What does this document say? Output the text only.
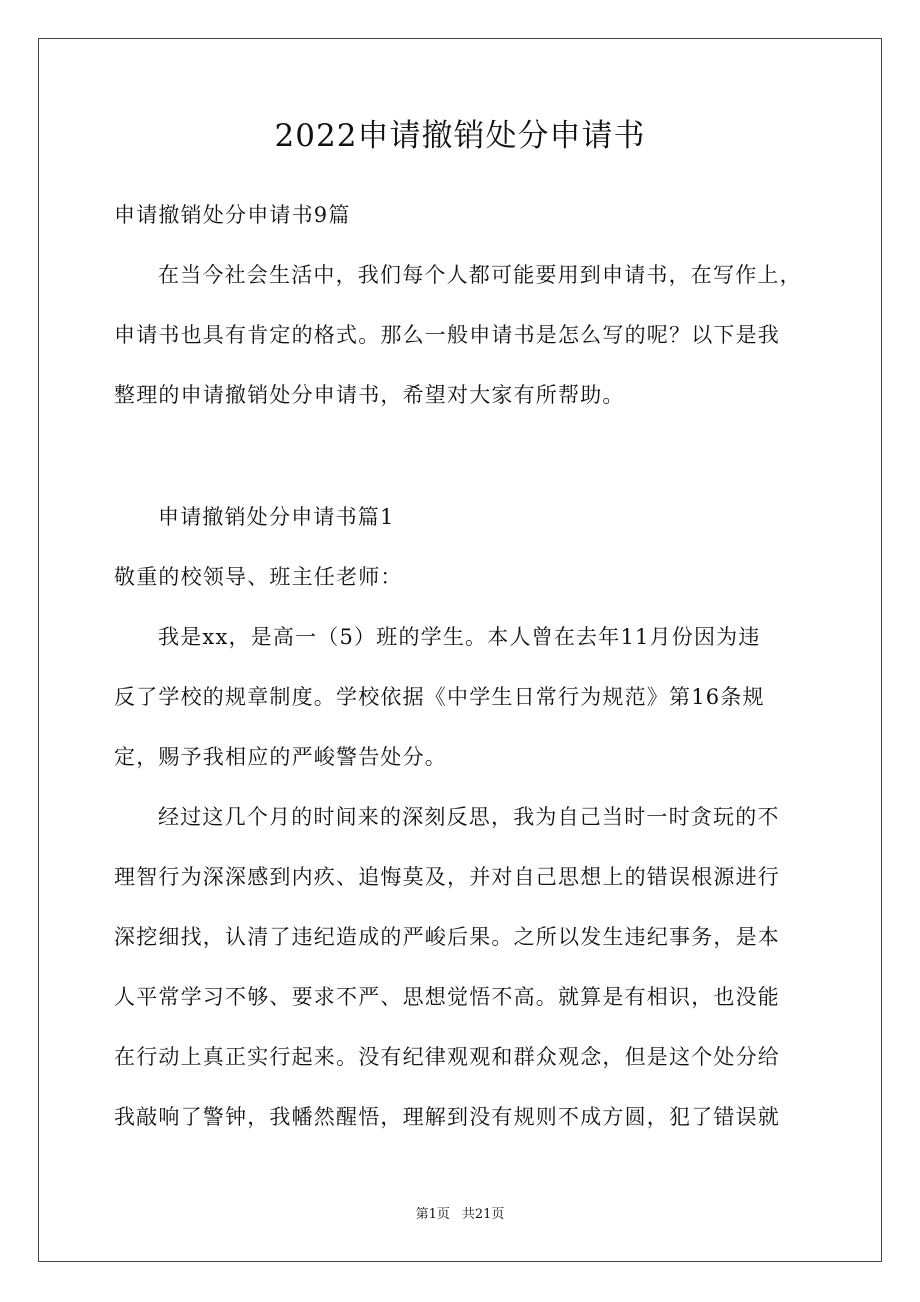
2022申请撤销处分申请书
申请撤销处分申请书9篇
在当今社会生活中，我们每个人都可能要用到申请书，在写作上，
申请书也具有肯定的格式。那么一般申请书是怎么写的呢？以下是我
整理的申请撤销处分申请书，希望对大家有所帮助。
申请撤销处分申请书篇1
敬重的校领导、班主任老师：
我是xx，是高一（5）班的学生。本人曾在去年11月份因为违
反了学校的规章制度。学校依据《中学生日常行为规范》第16条规
定，赐予我相应的严峻警告处分。
经过这几个月的时间来的深刻反思，我为自己当时一时贪玩的不
理智行为深深感到内疚、追悔莫及，并对自己思想上的错误根源进行
深挖细找，认清了违纪造成的严峻后果。之所以发生违纪事务，是本
人平常学习不够、要求不严、思想觉悟不高。就算是有相识，也没能
在行动上真正实行起来。没有纪律观观和群众观念，但是这个处分给
我敲响了警钟，我幡然醒悟，理解到没有规则不成方圆，犯了错误就
第1页 共21页
